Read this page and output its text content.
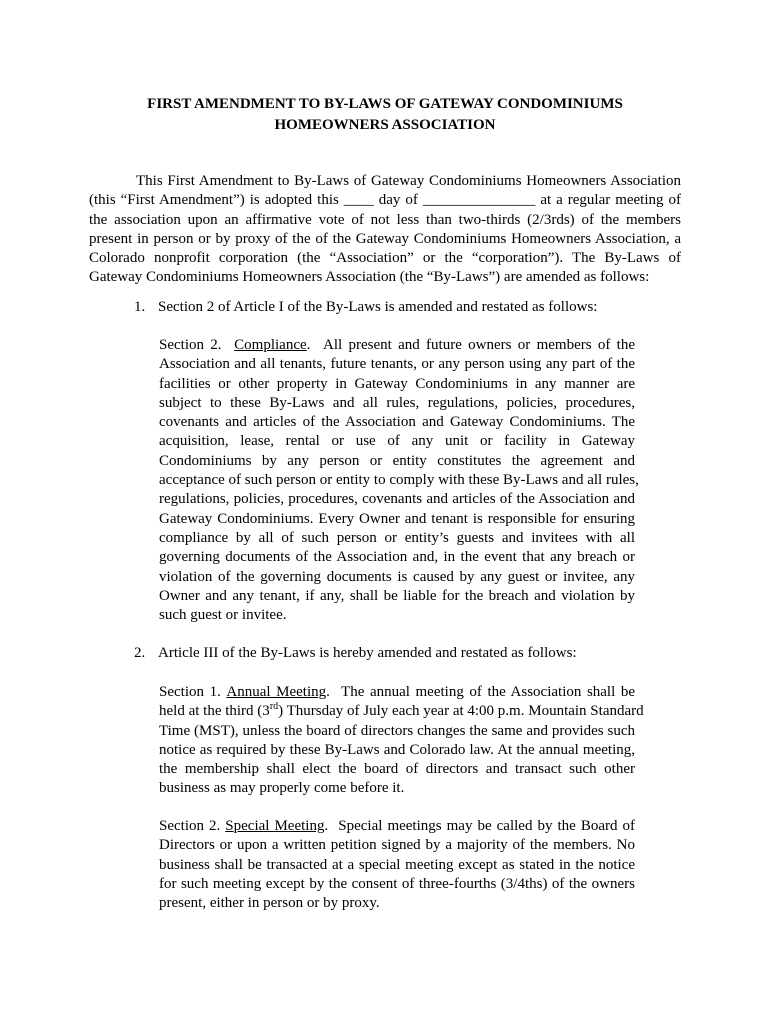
FIRST AMENDMENT TO BY-LAWS OF GATEWAY CONDOMINIUMS
HOMEOWNERS ASSOCIATION
This First Amendment to By-Laws of Gateway Condominiums Homeowners Association
(this “First Amendment”) is adopted this ____ day of _______________ at a regular meeting of
the association upon an affirmative vote of not less than two-thirds (2/3rds) of the members
present in person or by proxy of the of the Gateway Condominiums Homeowners Association, a
Colorado nonprofit corporation (the “Association” or the “corporation”). The By-Laws of
Gateway Condominiums Homeowners Association (the “By-Laws”) are amended as follows:
1. Section 2 of Article I of the By-Laws is amended and restated as follows:
Section 2. Compliance.  All present and future owners or members of the
Association and all tenants, future tenants, or any person using any part of the
facilities or other property in Gateway Condominiums in any manner are
subject to these By-Laws and all rules, regulations, policies, procedures,
covenants and articles of the Association and Gateway Condominiums. The
acquisition, lease, rental or use of any unit or facility in Gateway
Condominiums by any person or entity constitutes the agreement and
acceptance of such person or entity to comply with these By-Laws and all rules,
regulations, policies, procedures, covenants and articles of the Association and
Gateway Condominiums. Every Owner and tenant is responsible for ensuring
compliance by all of such person or entity’s guests and invitees with all
governing documents of the Association and, in the event that any breach or
violation of the governing documents is caused by any guest or invitee, any
Owner and any tenant, if any, shall be liable for the breach and violation by
such guest or invitee.
2. Article III of the By-Laws is hereby amended and restated as follows:
Section 1. Annual Meeting.  The annual meeting of the Association shall be
held at the third (3rd) Thursday of July each year at 4:00 p.m. Mountain Standard
Time (MST), unless the board of directors changes the same and provides such
notice as required by these By-Laws and Colorado law. At the annual meeting,
the membership shall elect the board of directors and transact such other
business as may properly come before it.
Section 2. Special Meeting.  Special meetings may be called by the Board of
Directors or upon a written petition signed by a majority of the members. No
business shall be transacted at a special meeting except as stated in the notice
for such meeting except by the consent of three-fourths (3/4ths) of the owners
present, either in person or by proxy.
